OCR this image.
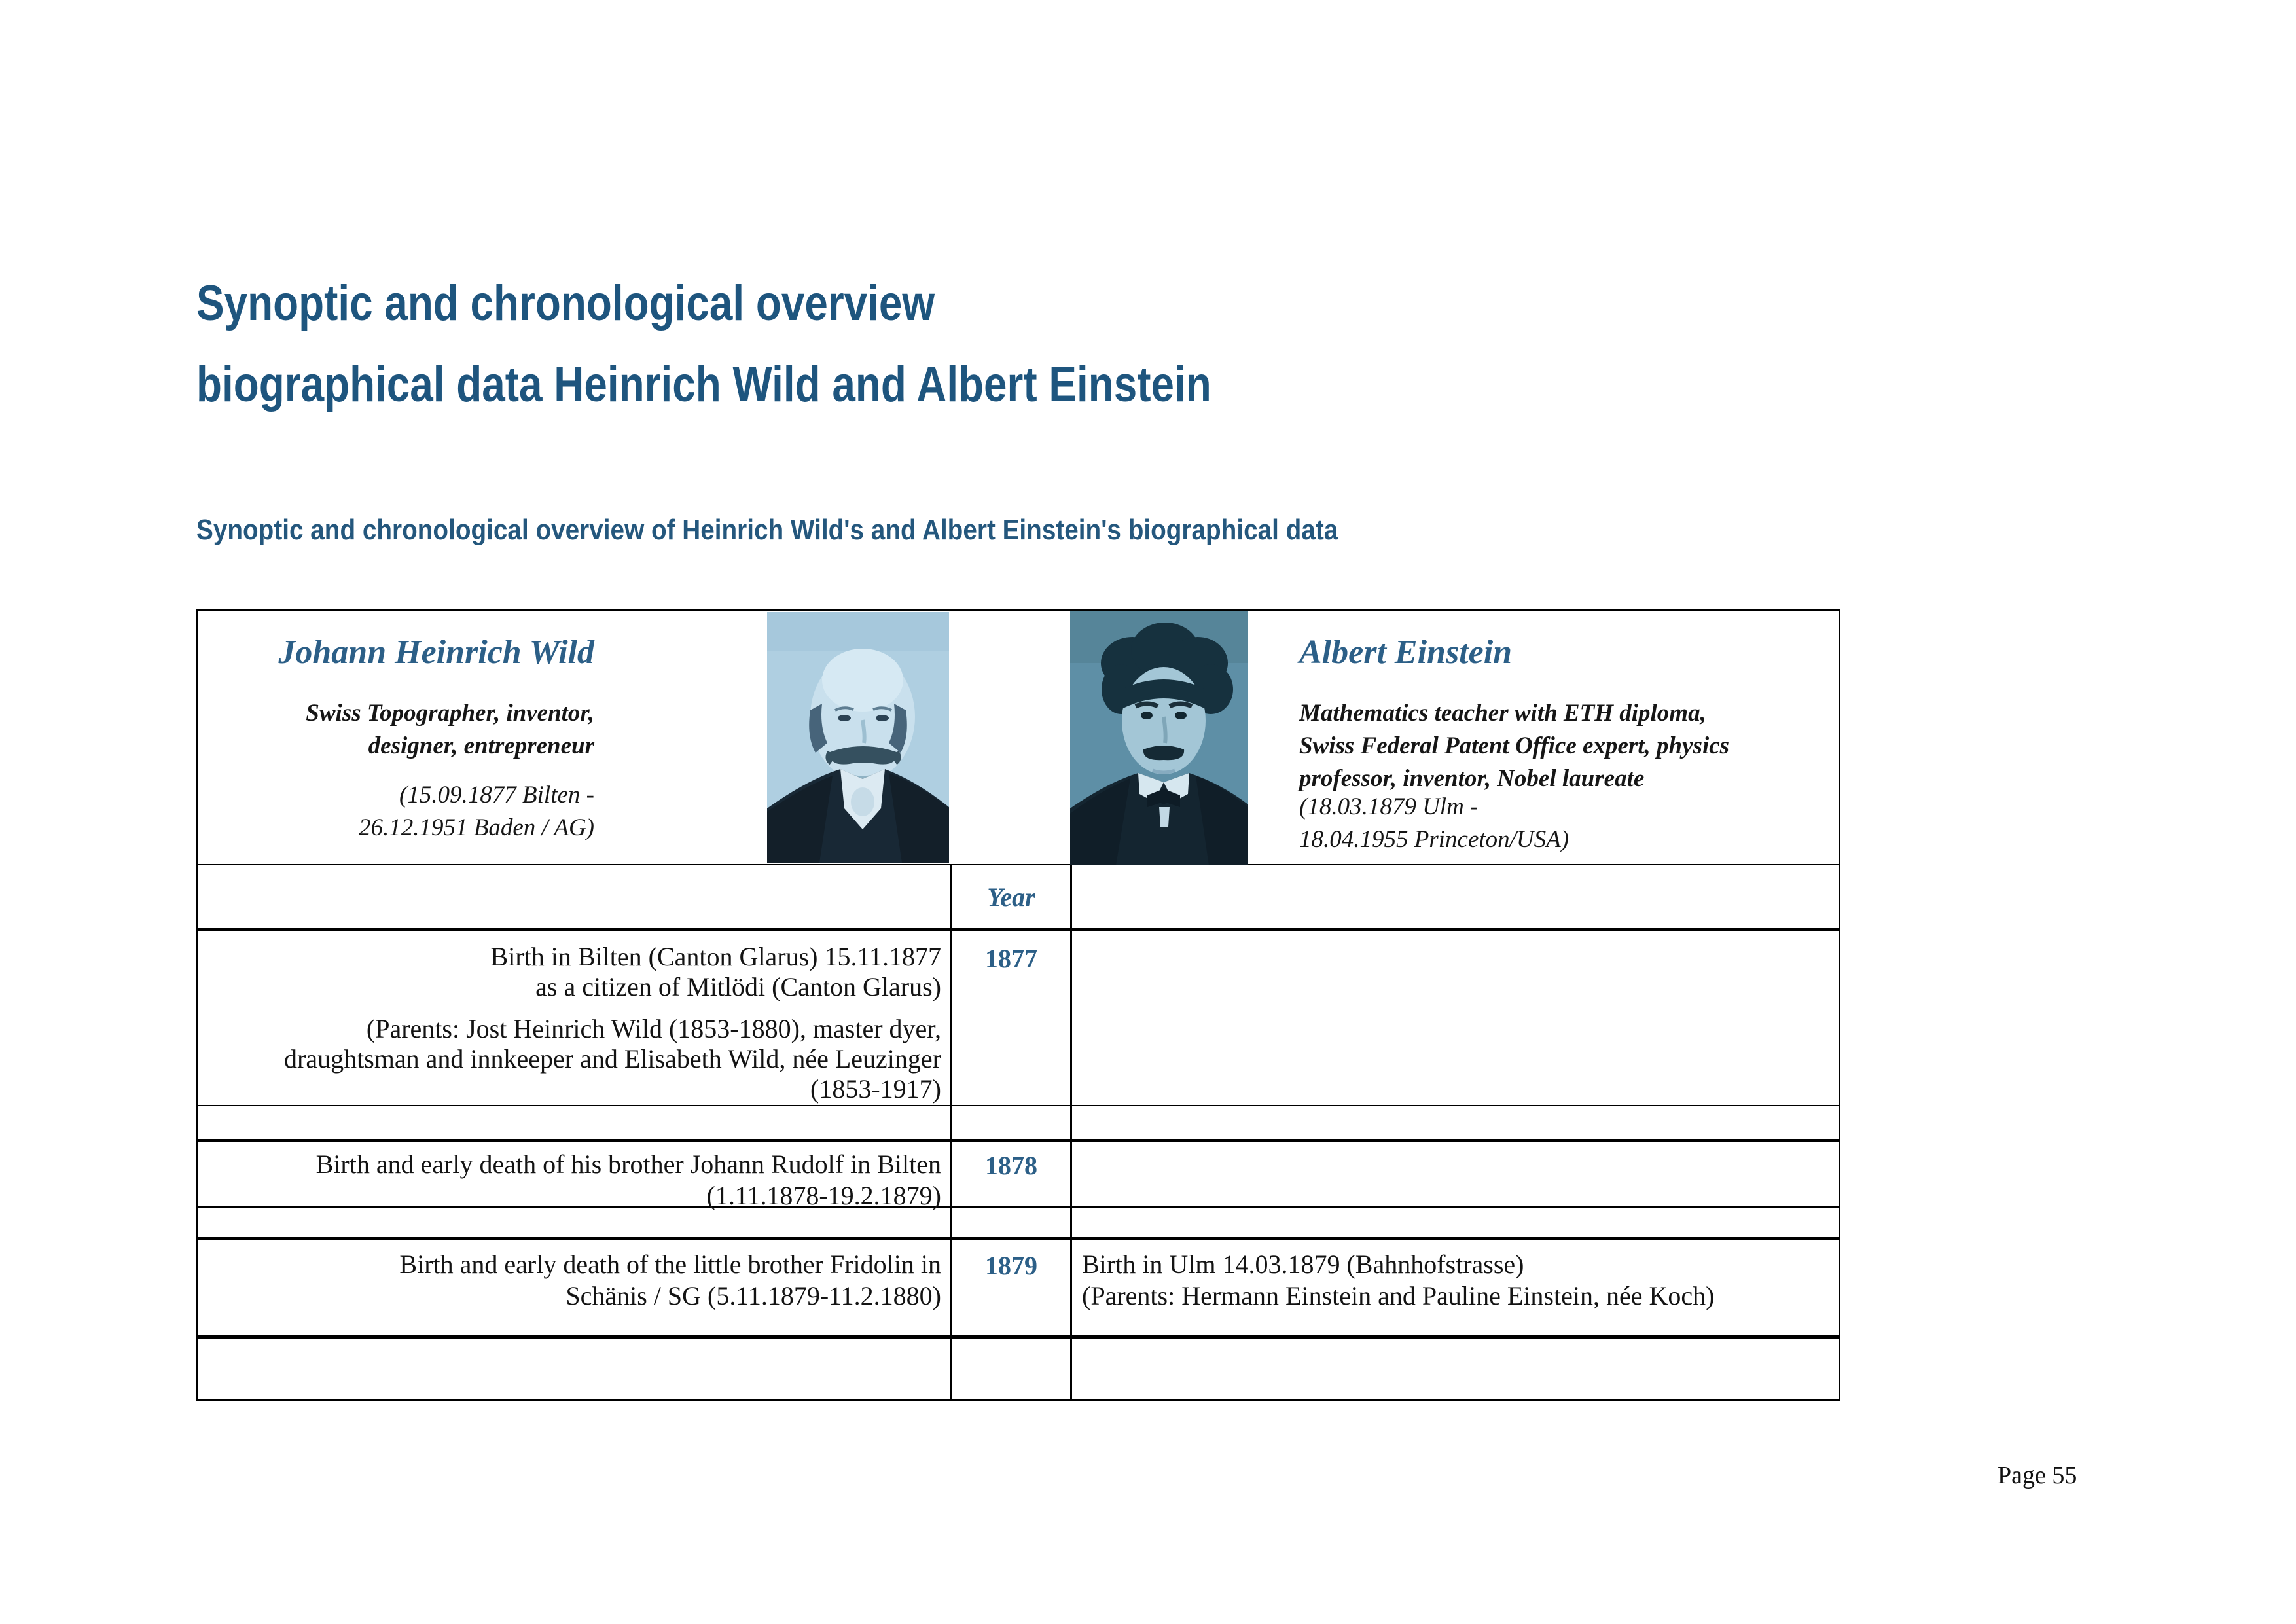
Synoptic and chronological overview
biographical data Heinrich Wild and Albert Einstein
Synoptic and chronological overview of Heinrich Wild's and Albert Einstein's biographical data
Johann Heinrich Wild
Swiss Topographer, inventor,
designer, entrepreneur
(15.09.1877 Bilten -
26.12.1951 Baden / AG)
Albert Einstein
Mathematics teacher with ETH diploma,
Swiss Federal Patent Office expert, physics
professor, inventor, Nobel laureate
(18.03.1879 Ulm -
18.04.1955 Princeton/USA)
Year
1877
Birth in Bilten (Canton Glarus) 15.11.1877
as a citizen of Mitlödi (Canton Glarus)
(Parents: Jost Heinrich Wild (1853-1880), master dyer,
draughtsman and innkeeper and Elisabeth Wild, née Leuzinger
(1853-1917)
1878
Birth and early death of his brother Johann Rudolf in Bilten
(1.11.1878-19.2.1879)
1879
Birth and early death of the little brother Fridolin in
Schänis / SG (5.11.1879-11.2.1880)
Birth in Ulm 14.03.1879 (Bahnhofstrasse)
(Parents: Hermann Einstein and Pauline Einstein, née Koch)
Page 55
